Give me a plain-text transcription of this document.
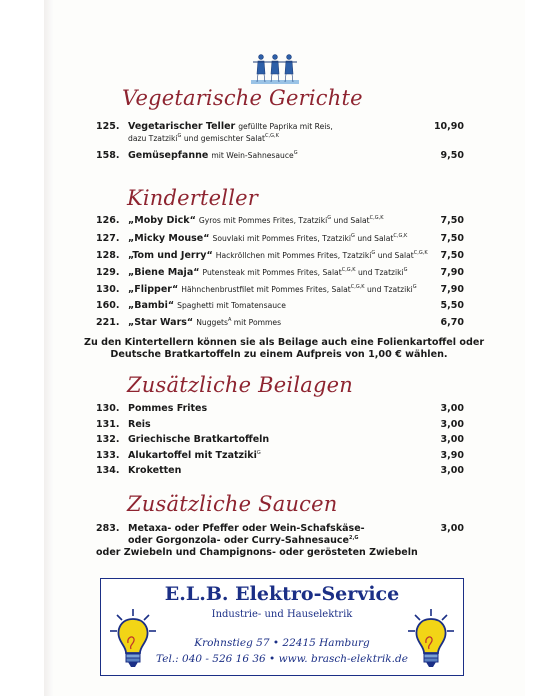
Vegetarische Gerichte
125. Vegetarischer Teller gefüllte Paprika mit Reis,
dazu Tzatziki$^G$ und gemischter Salat$^{C,G,K}$
10,90
158. Gemüsepfanne mit Wein-Sahnesauce$^G$	9,50
Kinderteller
126. „Moby Dick“ Gyros mit Pommes Frites, Tzatziki$^G$ und Salat$^{C,G,K}$	7,50
127. „Micky Mouse“ Souvlaki mit Pommes Frites, Tzatziki$^G$ und Salat$^{C,G,K}$	7,50
128. „Tom und Jerry“ Hackröllchen mit Pommes Frites, Tzatziki$^G$ und Salat$^{C,G,K}$	7,50
129. „Biene Maja“ Putensteak mit Pommes Frites, Salat$^{C,G,K}$ und Tzatziki$^G$	7,90
130. „Flipper“ Hähnchenbrustfilet mit Pommes Frites, Salat$^{C,G,K}$ und Tzatziki$^G$	7,90
160. „Bambi“ Spaghetti mit Tomatensauce	5,50
221. „Star Wars“ Nuggets$^A$ mit Pommes	6,70
Zu den Kintertellern können sie als Beilage auch eine Folienkartoffel oder
Deutsche Bratkartoffeln zu einem Aufpreis von 1,00 € wählen.
Zusätzliche Beilagen
130. Pommes Frites	3,00
131. Reis	3,00
132. Griechische Bratkartoffeln	3,00
133. Alukartoffel mit Tzatziki$^G$	3,90
134. Kroketten	3,00
Zusätzliche Saucen
283. Metaxa- oder Pfeffer oder Wein-Schafskäse-
oder Gorgonzola- oder Curry-Sahnesauce$^{2,G}$
oder Zwiebeln und Champignons- oder gerösteten Zwiebeln
3,00
E.L.B. Elektro-Service
Industrie- und Hauselektrik
Krohnstieg 57 • 22415 Hamburg
Tel.: 040 - 526 16 36 • www. brasch-elektrik.de
